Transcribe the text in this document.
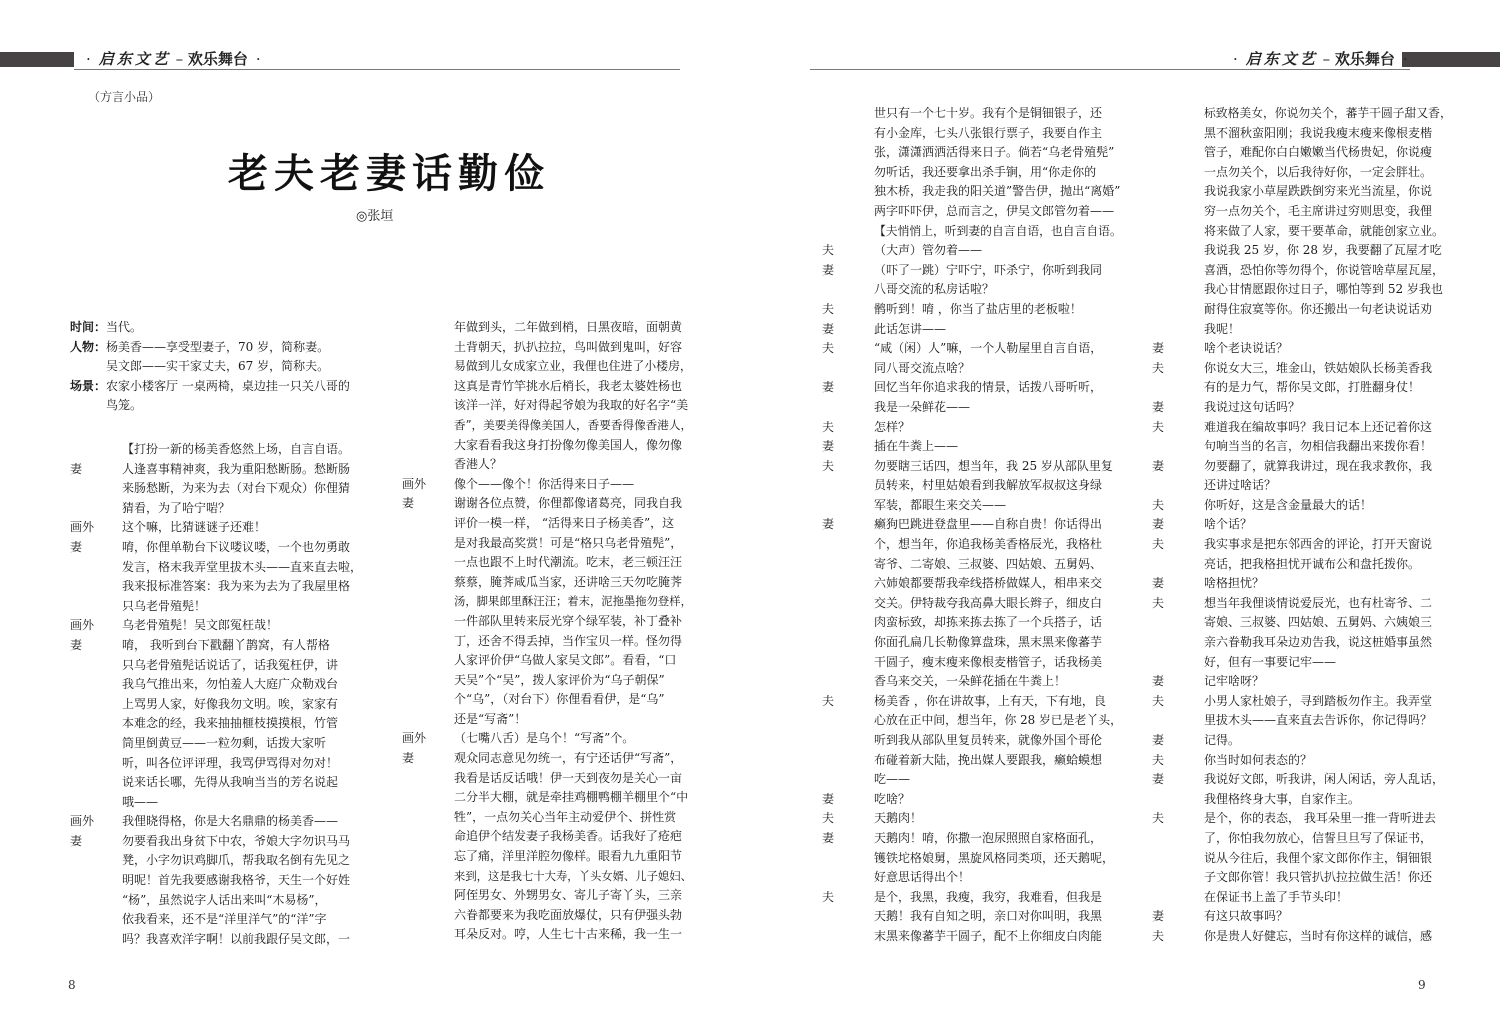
· 启东文艺 – 欢乐舞台 ·	· 启东文艺 – 欢乐舞台 ·
（方言小品）
老夫老妻话勤俭
◎张垣
时间： 当代。
人物： 杨美香——享受型妻子，70 岁，简称妻。
吴文郎——实干家丈夫，67 岁，简称夫。
场景： 农家小楼客厅 一桌两椅，桌边挂一只关八哥的
鸟笼。
【打扮一新的杨美香悠然上场，自言自语。
妻	人逢喜事精神爽，我为重阳愁断肠。愁断肠
来肠愁断，为来为去（对台下观众）你俚猜
猜看，为了哈宁啱？
画外	这个嘛，比猜谜谜子还难！
妻	唷，你俚单勒台下议喽议喽，一个也勿勇敢
发言，格末我弄堂里拔木头——直来直去啦，
我来报标准答案：我为来为去为了我屋里格
只乌老骨殖髡！
画外	乌老骨殖髡！吴文郎冤枉哉！
妻	唷， 我听到台下戳翻丫鹊窝，有人帮格
只乌老骨殖髡话说话了，话我冤枉伊，讲
我乌气推出来，勿怕羞人大庭广众勒戏台
上骂男人家，好像我勿文明。唉，家家有
本难念的经，我来抽抽榧枝摸摸根，竹管
筒里倒黄豆——一粒勿剩，话拨大家听
听，叫各位评评理，我骂伊骂得对勿对！
说来话长哪，先得从我响当当的芳名说起
哦——
画外	我俚晓得格，你是大名鼎鼎的杨美香——
妻	勿要看我出身贫下中农，爷娘大字勿识马马
凳，小字勿识鸡脚爪，帮我取名倒有先见之
明呢！首先我要感谢我格爷，天生一个好姓
“杨”，虽然说字人话出来叫“木易杨”，
依我看来，还不是“洋里洋气”的“洋”字
吗？我喜欢洋字啊！以前我跟仔吴文郎，一
年做到头，二年做到梢，日黑夜暗，面朝黄
土背朝天，扒扒拉拉，鸟叫做到鬼叫，好容
易做到儿女成家立业，我俚也住进了小楼房，
这真是青竹竿挑水后梢长，我老太婆姓杨也
该洋一洋，好对得起爷娘为我取的好名字“美
香”，美要美得像美国人，香要香得像香港人，
大家看看我这身打扮像勿像美国人，像勿像
香港人？
画外	像个——像个！你活得来日子——
妻	谢谢各位点赞，你俚都像诸葛亮，同我自我
评价一模一样， “活得来日子杨美香”，这
是对我最高奖赏！可是“格只乌老骨殖髡”，
一点也跟不上时代潮流。吃末，老三顿汪汪
蔡蔡，腌荠咸瓜当家，还讲啥三天勿吃腌荠
汤，脚果郎里酥汪汪；着末，泥拖墨拖勿登样，
一件部队里转来辰光穿个绿军装，补丁叠补
丁，还舍不得丢掉，当作宝贝一样。怪勿得
人家评价伊“乌做人家吴文郎”。看看，“口
天吴”个“吴”，拨人家评价为“乌子朝保”
个“乌”，（对台下）你俚看看伊，是“乌”
还是“写斋”！
画外	（七嘴八舌）是乌个！“写斋”个。
妻	观众同志意见勿统一，有宁还话伊“写斋”，
我看是话反话哦！伊一天到夜勿是关心一亩
二分半大棚，就是牵挂鸡棚鸭棚羊棚里个“中
牲”，一点勿关心当年主动爱伊个、拼性赏
命追伊个结发妻子我杨美香。话我好了疮疤
忘了痛，洋里洋腔勿像样。眼看九九重阳节
来到，这是我七十大寿，丫头女婿、儿子媳妇、
阿侄男女、外甥男女、寄儿子寄丫头，三亲
六眷都要来为我吃面放爆仗，只有伊强头勃
耳朵反对。哼，人生七十古来稀，我一生一
世只有一个七十岁。我有个是铜钿银子，还
有小金库，七头八张银行票子，我要自作主
张，潇潇洒洒活得来日子。倘若“乌老骨殖髡”
勿听话，我还要拿出杀手锏，用“你走你的
独木桥，我走我的阳关道”警告伊，抛出“离婚”
两字吓吓伊，总而言之，伊吴文郎管勿着——
【夫悄悄上，听到妻的自言自语，也自言自语。
夫	（大声）管勿着——
妻	（吓了一跳）宁吓宁，吓杀宁，你听到我同
八哥交流的私房话啦？
夫	鹘听到！唷 ，你当了盐店里的老板啦！
妻	此话怎讲——
夫	“咸（闲）人”嘛，一个人勒屋里自言自语，
同八哥交流点啥？
妻	回忆当年你追求我的情景，话拨八哥听听，
我是一朵鲜花——
夫	怎样？
妻	插在牛粪上——
夫	勿要瞎三话四，想当年，我 25 岁从部队里复
员转来，村里姑娘看到我解放军叔叔这身绿
军装，都眼生来交关——
妻	癞狗巴跳进登盘里——自称自贵！你话得出
个，想当年，你追我杨美香格辰光，我格杜
寄爷、二寄娘、三叔婆、四姑娘、五舅妈、
六姉娘都要帮我牵线搭桥做媒人，相串来交
交关。伊特裁夸我高鼻大眼长辫子，细皮白
肉蛮标致，却拣来拣去拣了一个兵搭子，话
你面孔扁几长勒像算盘珠，黑末黑来像蕃芋
干圆子，瘦末瘦来像根麦楷管子，话我杨美
香乌来交关，一朵鲜花插在牛粪上！
夫	杨美香 ，你在讲故事，上有天，下有地，良
心放在正中间，想当年，你 28 岁已是老丫头，
听到我从部队里复员转来，就像外国个哥伦
布碰着新大陆，挽出媒人要跟我，癞蛤蟆想
吃——
妻	吃啥？
夫	天鹅肉！
妻	天鹅肉！唷，你撒一泡尿照照自家格面孔，
镬铁坨格娘舅，黑旋风格同类项，还天鹅呢，
好意思话得出个！
夫	是个，我黑，我瘦，我穷，我难看，但我是
天鹅！我有自知之明，亲口对你叫明，我黑
末黑来像蕃芋干圆子，配不上你细皮白肉能
标致格美女，你说勿关个，蕃芋干圆子甜又香，
黑不溜秋蛮阳刚；我说我瘦末瘦来像根麦楷
管子，难配你白白嫩嫩当代杨贵妃，你说瘦
一点勿关个，以后我待好你，一定会胖壮。
我说我家小草屋跌跌倒穷来光当流星，你说
穷一点勿关个，毛主席讲过穷则思变，我俚
将来做了人家，要干要革命，就能创家立业。
我说我 25 岁，你 28 岁，我要翻了瓦屋才吃
喜酒，恐怕你等勿得个，你说管啥草屋瓦屋，
我心甘情愿跟你过日子，哪怕等到 52 岁我也
耐得住寂寞等你。你还搬出一句老诀说话劝
我呢！
妻	啥个老诀说话？
夫	你说女大三，堆金山，铁姑娘队长杨美香我
有的是力气，帮你吴文郎，打胜翻身仗！
妻	我说过这句话吗？
夫	难道我在编故事吗？我日记本上还记着你这
句响当当的名言，勿相信我翻出来拨你看！
妻	勿要翻了，就算我讲过，现在我求教你，我
还讲过啥话？
夫	你听好，这是含金量最大的话！
妻	啥个话？
夫	我实事求是把东邻西舍的评论，打开天窗说
亮话，把我格担忧开诚布公和盘托拨你。
妻	啥格担忧？
夫	想当年我俚谈情说爱辰光，也有杜寄爷、二
寄娘、三叔婆、四姑娘、五舅妈、六姨娘三
亲六眷勒我耳朵边劝告我，说这桩婚事虽然
好，但有一事要记牢——
妻	记牢啥呀？
夫	小男人家杜娘子，寻到踏板勿作主。我弄堂
里拔木头——直来直去告诉你，你记得吗？
妻	记得。
夫	你当时如何表态的？
妻	我说好文郎，听我讲，闲人闲话，旁人乱话，
我俚格终身大事，自家作主。
夫	是个，你的表态， 我耳朵里一推一背听进去
了，你怕我勿放心，信誓旦旦写了保证书，
说从今往后，我俚个家文郎你作主，铜钿银
子文郎你管！我只管扒扒拉拉做生活！你还
在保证书上盖了手节头印！
妻	有这只故事吗？
夫	你是贵人好健忘，当时有你这样的诚信，感
8	9
